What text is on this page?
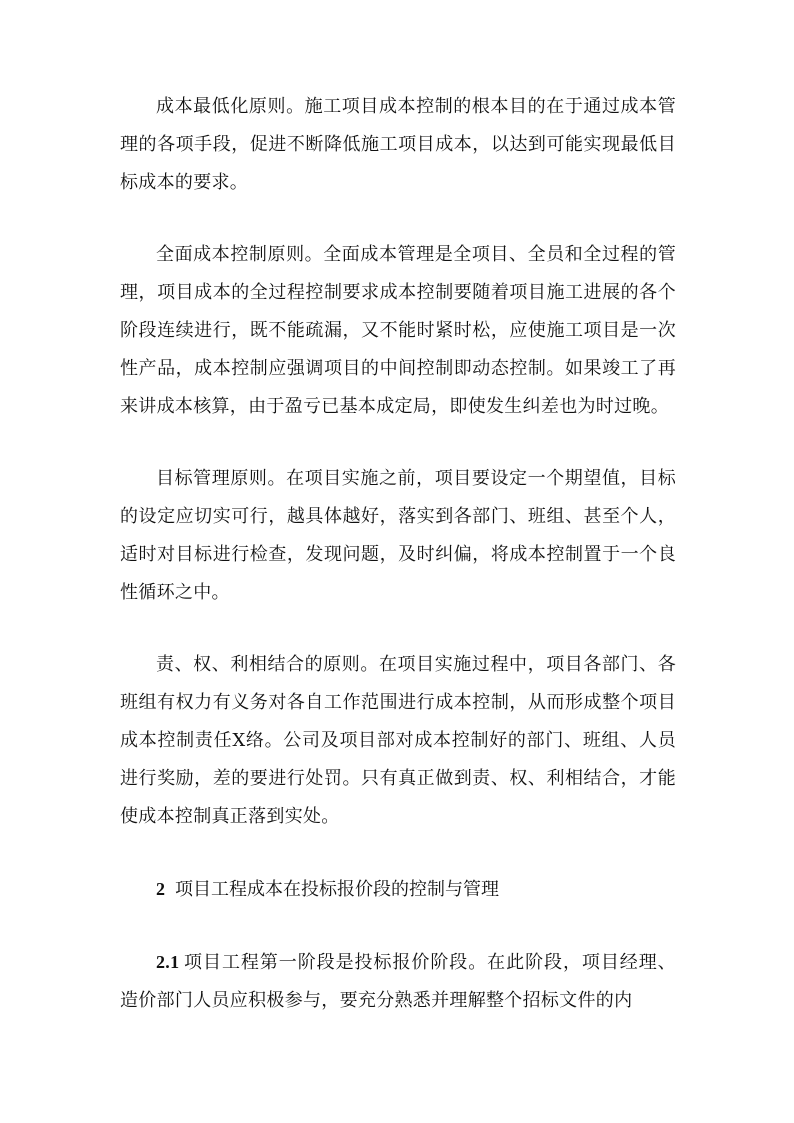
成本最低化原则。施工项目成本控制的根本目的在于通过成本管理的各项手段，促进不断降低施工项目成本，以达到可能实现最低目标成本的要求。

全面成本控制原则。全面成本管理是全项目、全员和全过程的管理，项目成本的全过程控制要求成本控制要随着项目施工进展的各个阶段连续进行，既不能疏漏，又不能时紧时松，应使施工项目是一次性产品，成本控制应强调项目的中间控制即动态控制。如果竣工了再来讲成本核算，由于盈亏已基本成定局，即使发生纠差也为时过晚。

目标管理原则。在项目实施之前，项目要设定一个期望值，目标的设定应切实可行，越具体越好，落实到各部门、班组、甚至个人，适时对目标进行检查，发现问题，及时纠偏，将成本控制置于一个良性循环之中。

责、权、利相结合的原则。在项目实施过程中，项目各部门、各班组有权力有义务对各自工作范围进行成本控制，从而形成整个项目成本控制责任X络。公司及项目部对成本控制好的部门、班组、人员进行奖励，差的要进行处罚。只有真正做到责、权、利相结合，才能使成本控制真正落到实处。

2 项目工程成本在投标报价段的控制与管理

2.1 项目工程第一阶段是投标报价阶段。在此阶段，项目经理、造价部门人员应积极参与，要充分熟悉并理解整个招标文件的内
